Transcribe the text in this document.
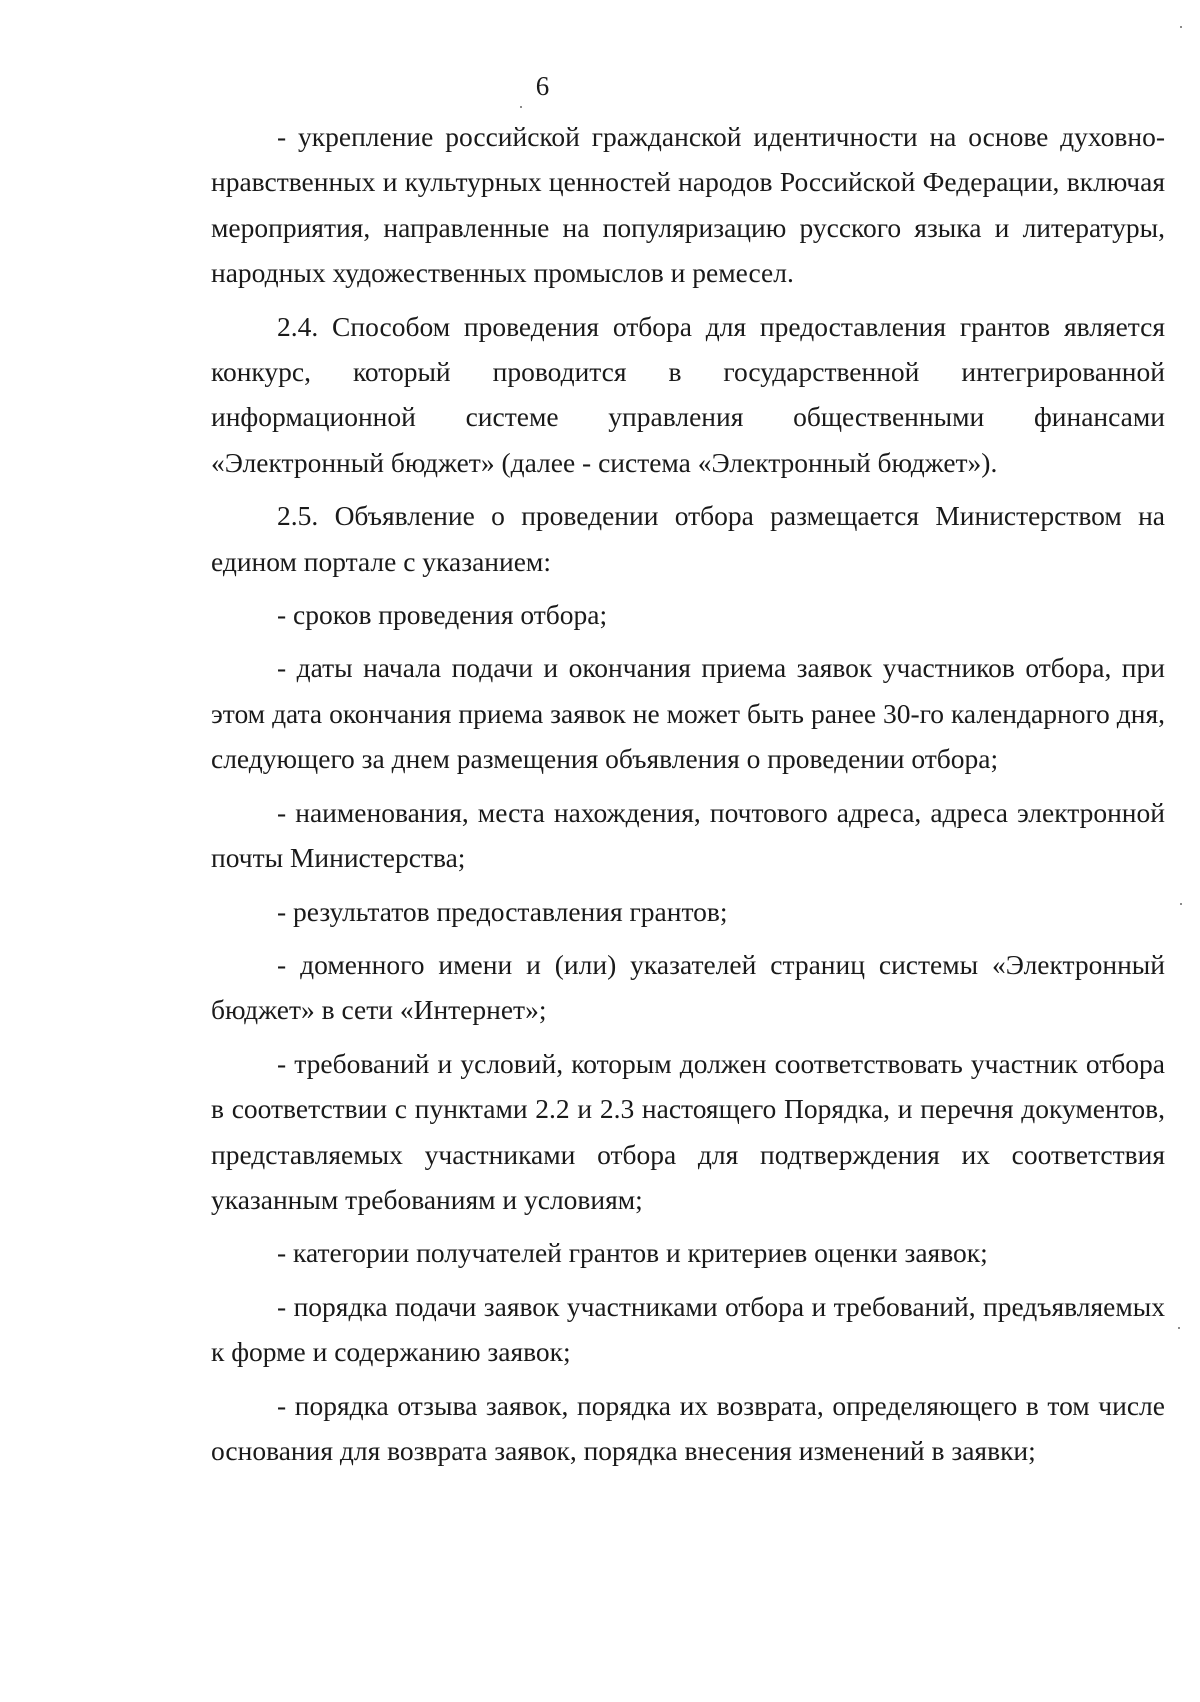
6

- укрепление российской гражданской идентичности на основе духовно-нравственных и культурных ценностей народов Российской Федерации, включая мероприятия, направленные на популяризацию русского языка и литературы, народных художественных промыслов и ремесел.

2.4. Способом проведения отбора для предоставления грантов является конкурс, который проводится в государственной интегрированной информационной системе управления общественными финансами «Электронный бюджет» (далее - система «Электронный бюджет»).

2.5. Объявление о проведении отбора размещается Министерством на едином портале с указанием:

- сроков проведения отбора;

- даты начала подачи и окончания приема заявок участников отбора, при этом дата окончания приема заявок не может быть ранее 30-го календарного дня, следующего за днем размещения объявления о проведении отбора;

- наименования, места нахождения, почтового адреса, адреса электронной почты Министерства;

- результатов предоставления грантов;

- доменного имени и (или) указателей страниц системы «Электронный бюджет» в сети «Интернет»;

- требований и условий, которым должен соответствовать участник отбора в соответствии с пунктами 2.2 и 2.3 настоящего Порядка, и перечня документов, представляемых участниками отбора для подтверждения их соответствия указанным требованиям и условиям;

- категории получателей грантов и критериев оценки заявок;

- порядка подачи заявок участниками отбора и требований, предъявляемых к форме и содержанию заявок;

- порядка отзыва заявок, порядка их возврата, определяющего в том числе основания для возврата заявок, порядка внесения изменений в заявки;
